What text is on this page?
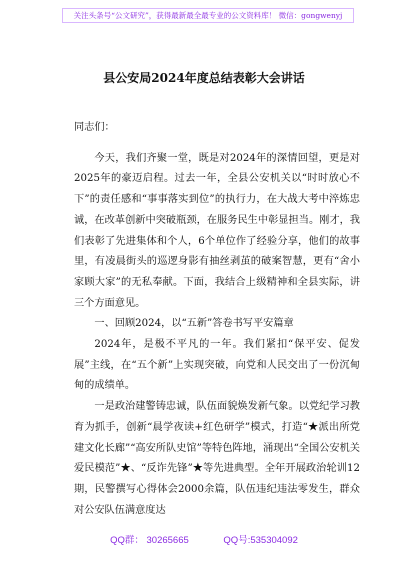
关注头条号“公文研究”，获得最新最全最专业的公文资料库！ 微信：gongwenyj
县公安局2024年度总结表彰大会讲话

同志们：

今天，我们齐聚一堂，既是对2024年的深情回望，更是对2025年的豪迈启程。过去一年，全县公安机关以“时时放心不下”的责任感和“事事落实到位”的执行力，在大战大考中淬炼忠诚，在改革创新中突破瓶颈，在服务民生中彰显担当。刚才，我们表彰了先进集体和个人，6个单位作了经验分享，他们的故事里，有凌晨街头的巡逻身影有抽丝剥茧的破案智慧，更有“舍小家顾大家”的无私奉献。下面，我结合上级精神和全县实际，讲三个方面意见。

一、回顾2024，以“五新”答卷书写平安篇章

2024年，是极不平凡的一年。我们紧扣“保平安、促发展”主线，在“五个新”上实现突破，向党和人民交出了一份沉甸甸的成绩单。

一是政治建警铸忠诚，队伍面貌焕发新气象。以党纪学习教育为抓手，创新“晨学夜读+红色研学”模式，打造“★派出所党建文化长廊”“高安所队史馆”等特色阵地，涌现出“全国公安机关爱民模范”★、“反诈先锋”★等先进典型。全年开展政治轮训12期，民警撰写心得体会2000余篇，队伍违纪违法零发生，群众对公安队伍满意度达

QQ群： 30265665	QQ号:535304092
